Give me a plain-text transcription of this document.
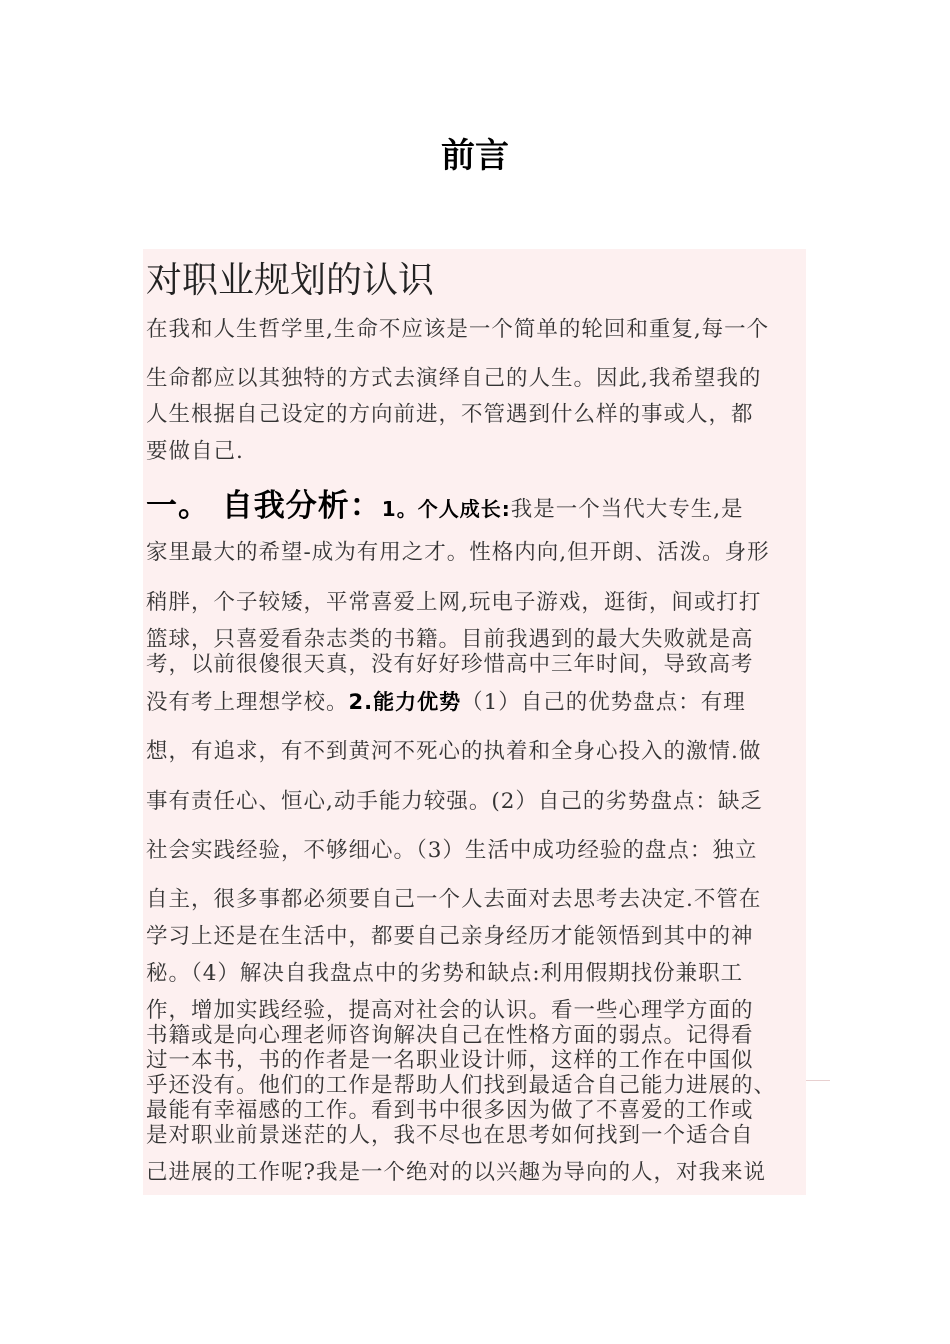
前言
对职业规划的认识
在我和人生哲学里,生命不应该是一个简单的轮回和重复,每一个
生命都应以其独特的方式去演绎自己的人生。因此,我希望我的
人生根据自己设定的方向前进，不管遇到什么样的事或人，都
要做自己.
一。 自我分析：1。个人成长:我是一个当代大专生,是
家里最大的希望-成为有用之才。性格内向,但开朗、活泼。身形
稍胖，个子较矮，平常喜爱上网,玩电子游戏，逛街，间或打打
篮球，只喜爱看杂志类的书籍。目前我遇到的最大失败就是高
考，以前很傻很天真，没有好好珍惜高中三年时间，导致高考
没有考上理想学校。2.能力优势（1）自己的优势盘点：有理
想，有追求，有不到黄河不死心的执着和全身心投入的激情.做
事有责任心、恒心,动手能力较强。(2）自己的劣势盘点：缺乏
社会实践经验，不够细心。（3）生活中成功经验的盘点：独立
自主，很多事都必须要自己一个人去面对去思考去决定.不管在
学习上还是在生活中，都要自己亲身经历才能领悟到其中的神
秘。（4）解决自我盘点中的劣势和缺点:利用假期找份兼职工
作，增加实践经验，提高对社会的认识。看一些心理学方面的
书籍或是向心理老师咨询解决自己在性格方面的弱点。记得看
过一本书，书的作者是一名职业设计师，这样的工作在中国似
乎还没有。他们的工作是帮助人们找到最适合自己能力进展的、
最能有幸福感的工作。看到书中很多因为做了不喜爱的工作或
是对职业前景迷茫的人，我不尽也在思考如何找到一个适合自
己进展的工作呢?我是一个绝对的以兴趣为导向的人，对我来说
